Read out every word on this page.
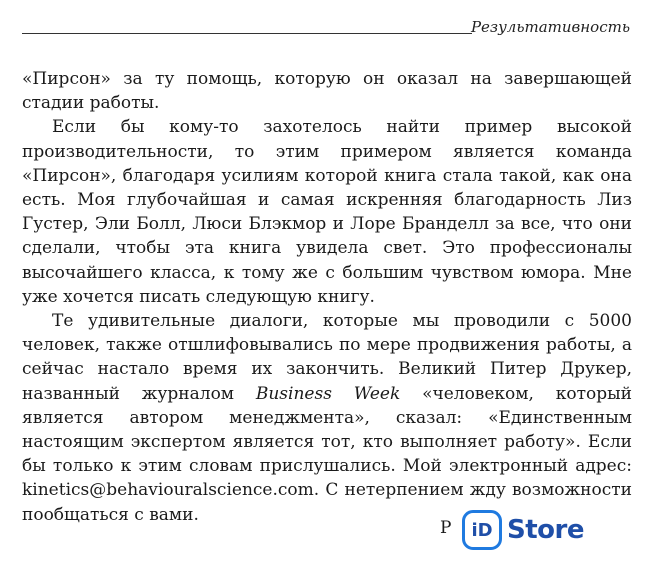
Результативность

«Пирсон» за ту помощь, которую он оказал на завершающей стадии работы.

Если бы кому-то захотелось найти пример высокой производительности, то этим примером является команда «Пирсон», благодаря усилиям которой книга стала такой, как она есть. Моя глубочайшая и самая искренняя благодарность Лиз Густер, Эли Болл, Люси Блэкмор и Лоре Бранделл за все, что они сделали, чтобы эта книга увидела свет. Это профессионалы высочайшего класса, к тому же с большим чувством юмора. Мне уже хочется писать следующую книгу.

Те удивительные диалоги, которые мы проводили с 5000 человек, также отшлифовывались по мере продвижения работы, а сейчас настало время их закончить. Великий Питер Друкер, названный журналом Business Week «человеком, который является автором менеджмента», сказал: «Единственным настоящим экспертом является тот, кто выполняет работу». Если бы только к этим словам прислушались. Мой электронный адрес: kinetics@behaviouralscience.com. С нетерпением жду возможности пообщаться с вами.

Р	iD Store
